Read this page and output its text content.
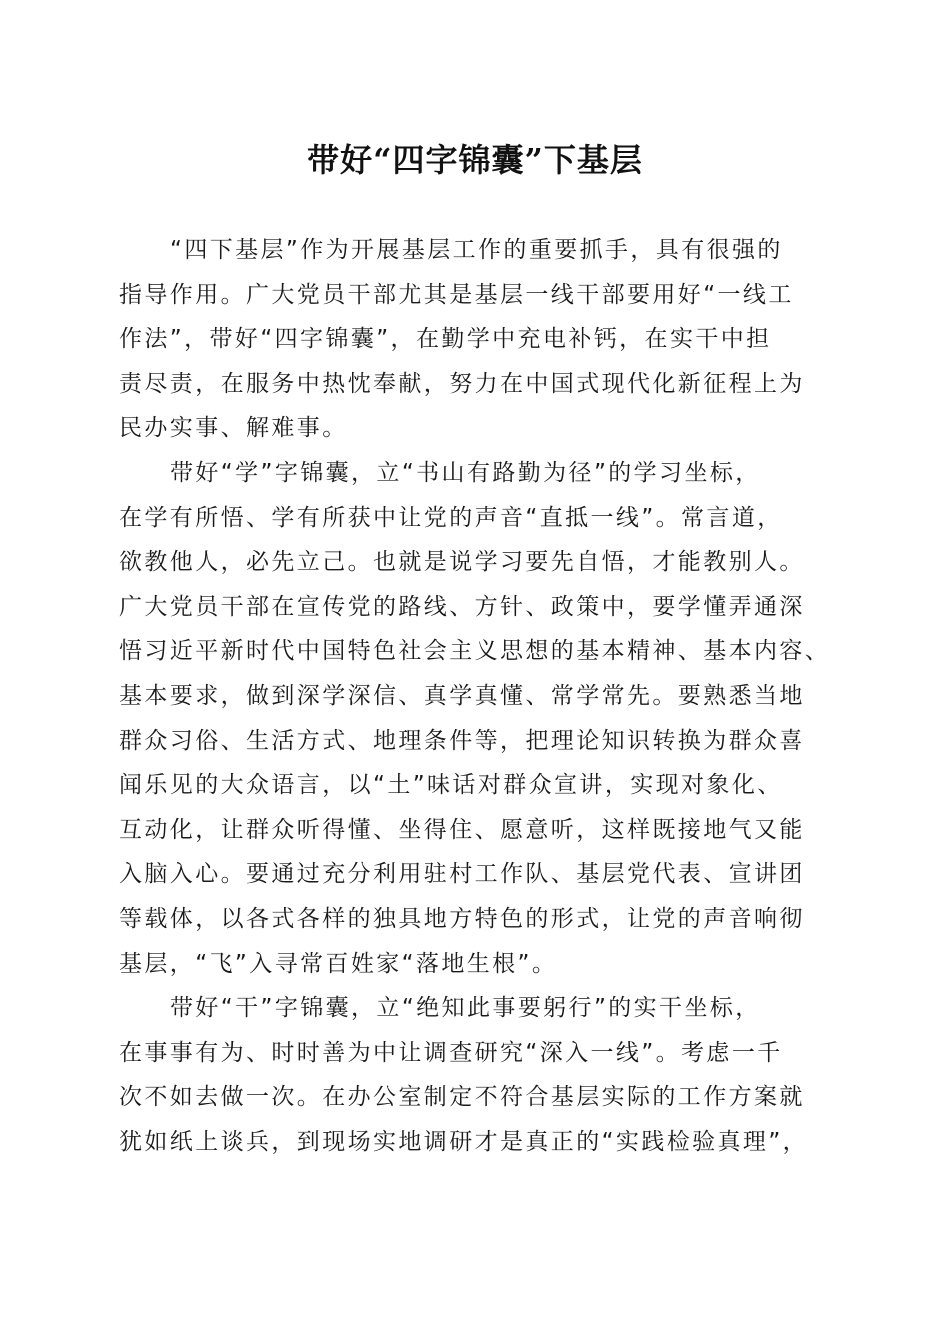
带好“四字锦囊”下基层

“四下基层”作为开展基层工作的重要抓手，具有很强的
指导作用。广大党员干部尤其是基层一线干部要用好“一线工
作法”，带好“四字锦囊”，在勤学中充电补钙，在实干中担
责尽责，在服务中热忱奉献，努力在中国式现代化新征程上为
民办实事、解难事。

带好“学”字锦囊，立“书山有路勤为径”的学习坐标，
在学有所悟、学有所获中让党的声音“直抵一线”。常言道，
欲教他人，必先立己。也就是说学习要先自悟，才能教别人。
广大党员干部在宣传党的路线、方针、政策中，要学懂弄通深
悟习近平新时代中国特色社会主义思想的基本精神、基本内容、
基本要求，做到深学深信、真学真懂、常学常先。要熟悉当地
群众习俗、生活方式、地理条件等，把理论知识转换为群众喜
闻乐见的大众语言，以“土”味话对群众宣讲，实现对象化、
互动化，让群众听得懂、坐得住、愿意听，这样既接地气又能
入脑入心。要通过充分利用驻村工作队、基层党代表、宣讲团
等载体，以各式各样的独具地方特色的形式，让党的声音响彻
基层，“飞”入寻常百姓家“落地生根”。

带好“干”字锦囊，立“绝知此事要躬行”的实干坐标，
在事事有为、时时善为中让调查研究“深入一线”。考虑一千
次不如去做一次。在办公室制定不符合基层实际的工作方案就
犹如纸上谈兵，到现场实地调研才是真正的“实践检验真理”，
